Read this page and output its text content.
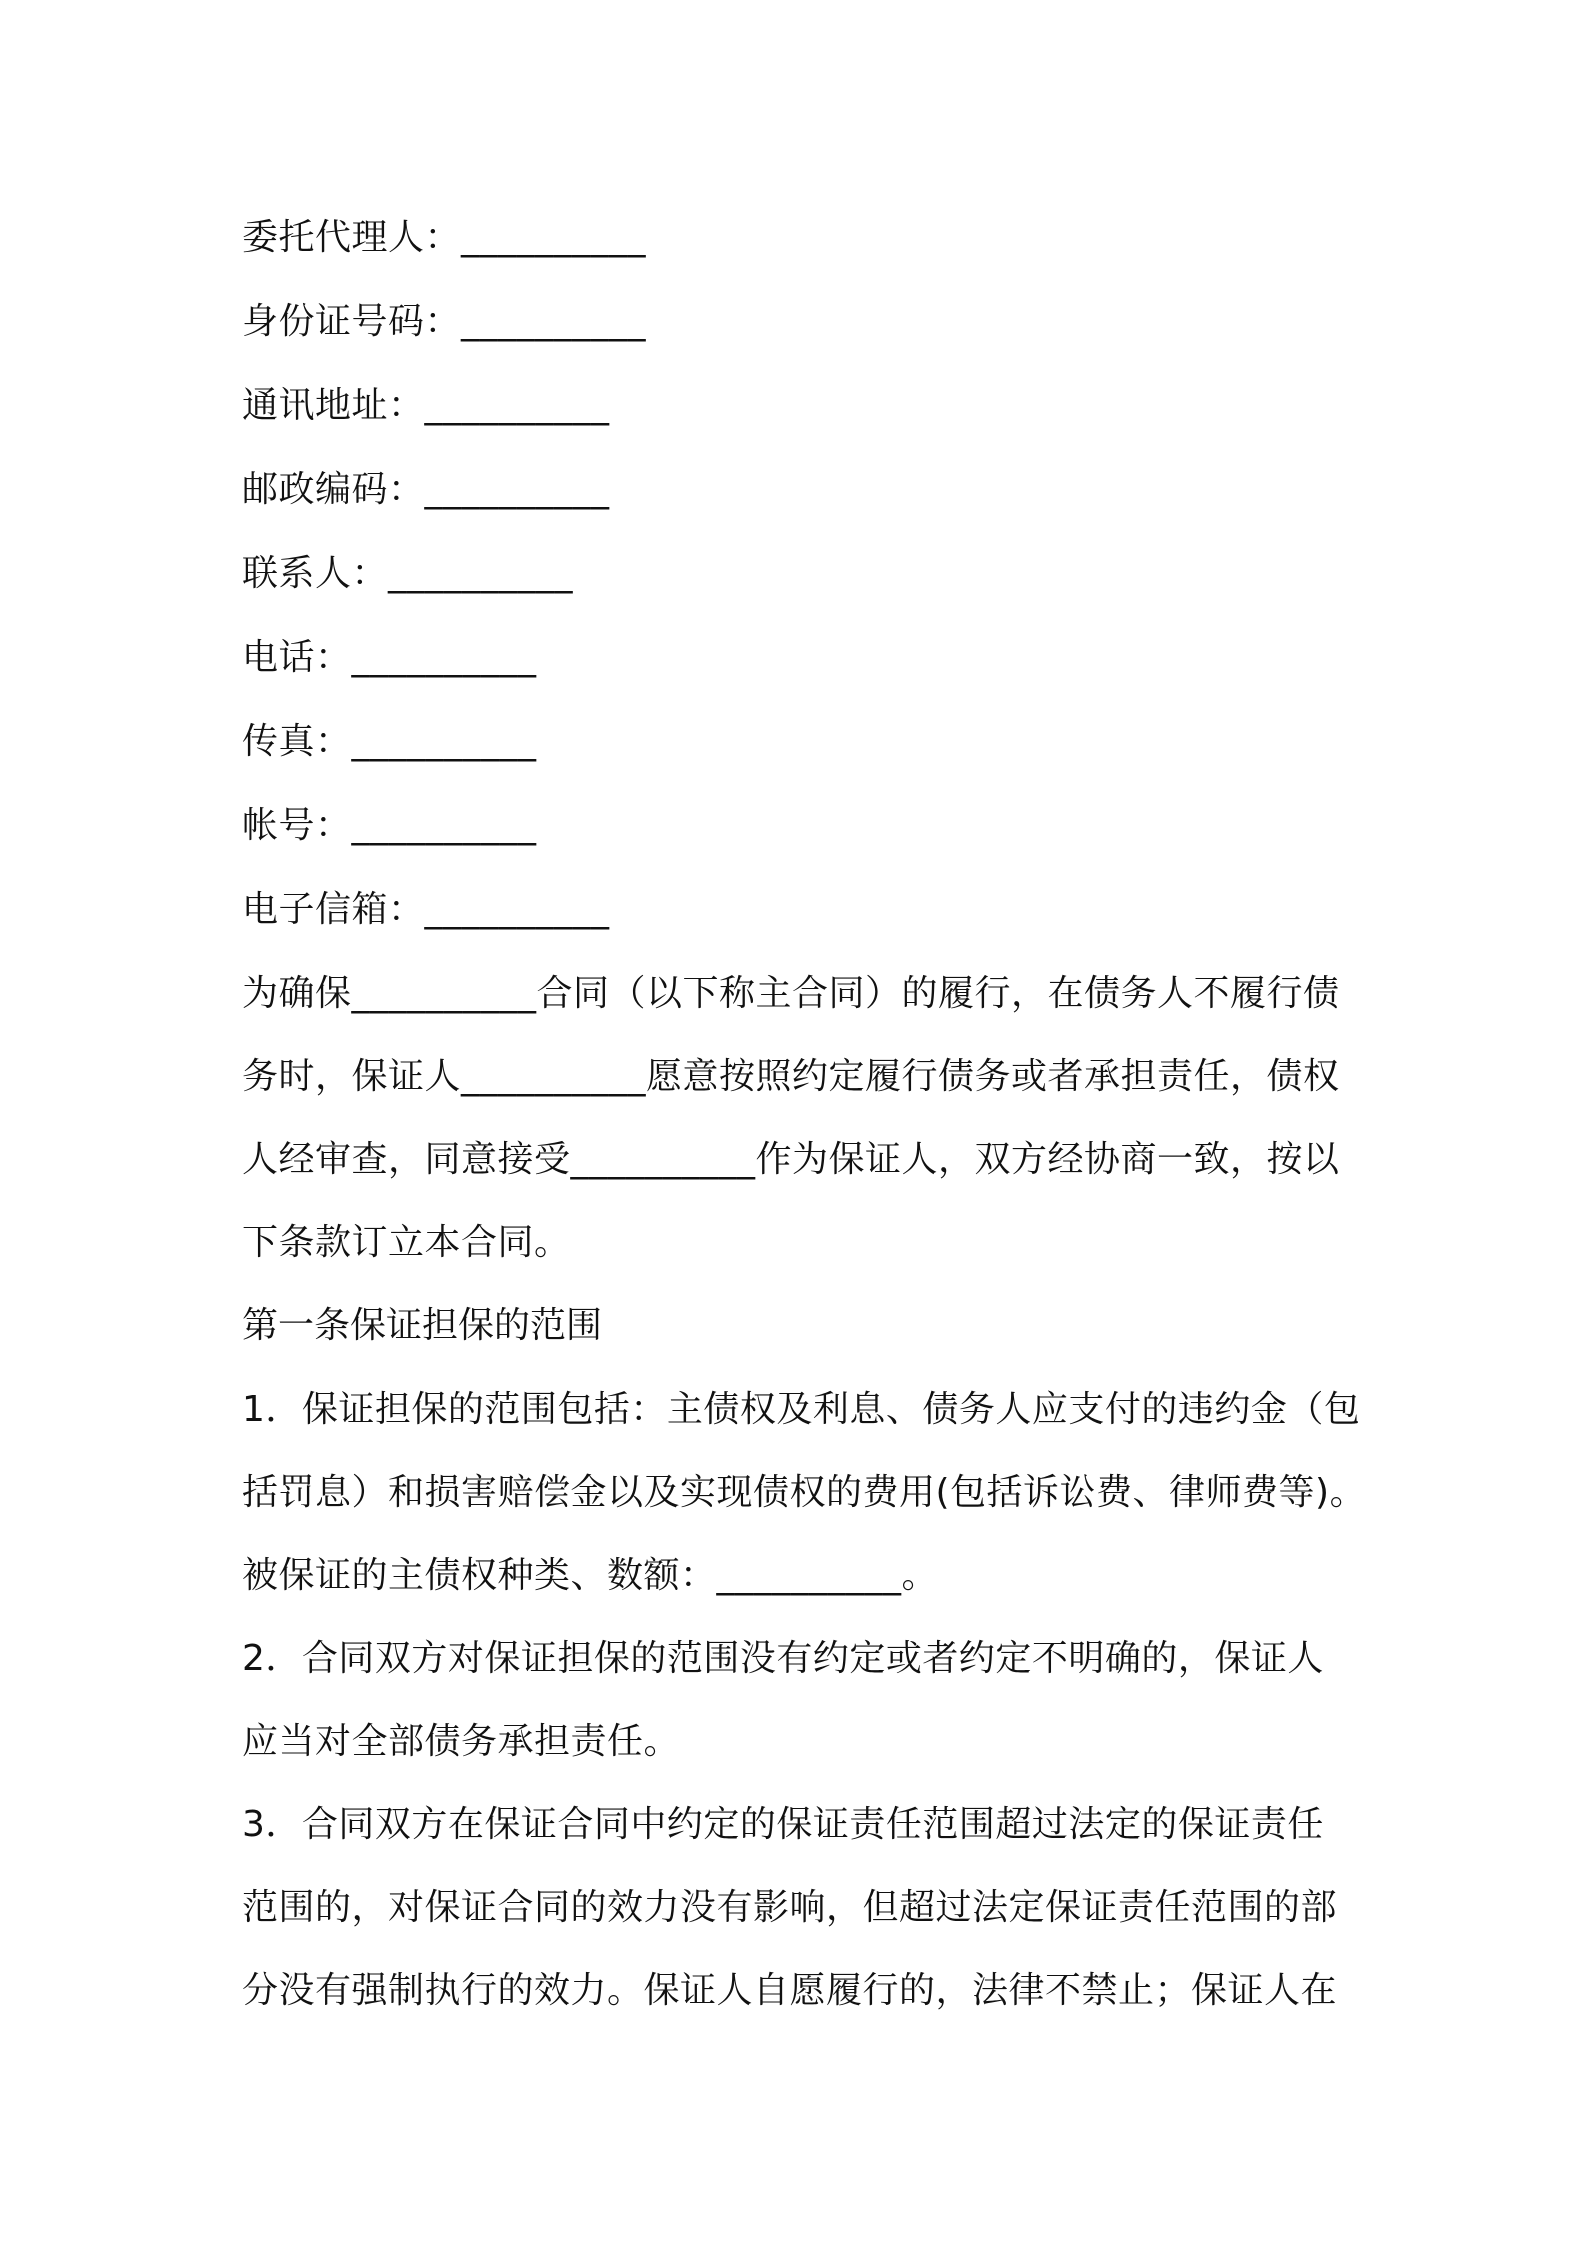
委托代理人：__________
身份证号码：__________
通讯地址：__________
邮政编码：__________
联系人：__________
电话：__________
传真：__________
帐号：__________
电子信箱：__________
为确保__________合同（以下称主合同）的履行，在债务人不履行债
务时，保证人__________愿意按照约定履行债务或者承担责任，债权
人经审查，同意接受__________作为保证人，双方经协商一致，按以
下条款订立本合同。
第一条保证担保的范围
1．保证担保的范围包括：主债权及利息、债务人应支付的违约金（包
括罚息）和损害赔偿金以及实现债权的费用(包括诉讼费、律师费等)。
被保证的主债权种类、数额：__________。
2．合同双方对保证担保的范围没有约定或者约定不明确的，保证人
应当对全部债务承担责任。
3．合同双方在保证合同中约定的保证责任范围超过法定的保证责任
范围的，对保证合同的效力没有影响，但超过法定保证责任范围的部
分没有强制执行的效力。保证人自愿履行的，法律不禁止；保证人在
